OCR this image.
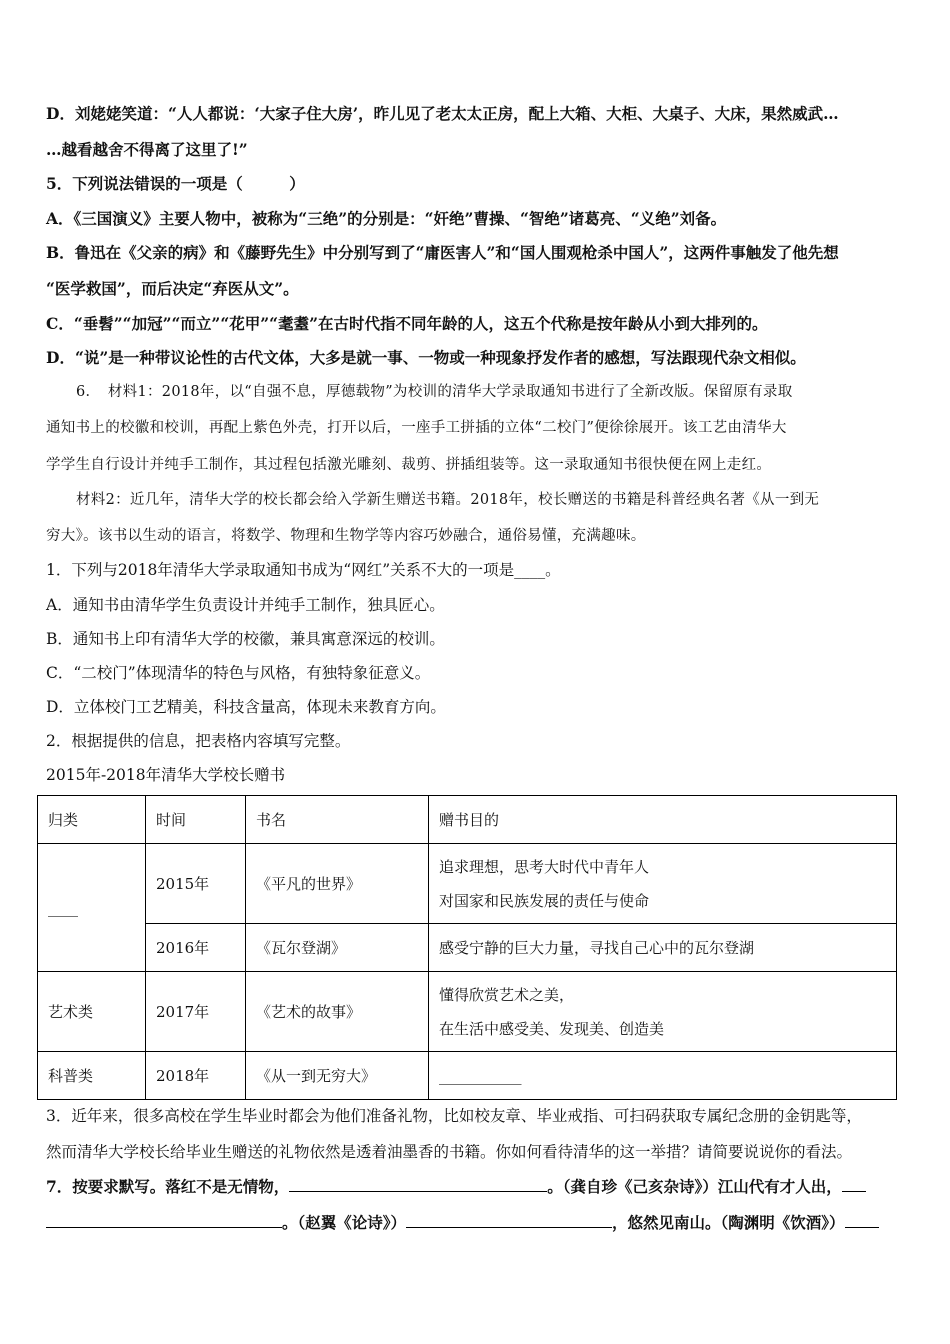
D．刘姥姥笑道：“人人都说：‘大家子住大房’，昨儿见了老太太正房，配上大箱、大柜、大桌子、大床，果然威武…
…越看越舍不得离了这里了!”
5．下列说法错误的一项是（　　　）
A．《三国演义》主要人物中，被称为“三绝”的分别是：“奸绝”曹操、“智绝”诸葛亮、“义绝”刘备。
B．鲁迅在《父亲的病》和《藤野先生》中分别写到了“庸医害人”和“国人围观枪杀中国人”，这两件事触发了他先想
“医学救国”，而后决定“弃医从文”。
C．“垂髫”“加冠”“而立”“花甲”“耄耋”在古时代指不同年龄的人，这五个代称是按年龄从小到大排列的。
D．“说”是一种带议论性的古代文体，大多是就一事、一物或一种现象抒发作者的感想，写法跟现代杂文相似。
6．　材料1：2018年，以“自强不息，厚德载物”为校训的清华大学录取通知书进行了全新改版。保留原有录取
通知书上的校徽和校训，再配上紫色外壳，打开以后，一座手工拼插的立体“二校门”便徐徐展开。该工艺由清华大
学学生自行设计并纯手工制作，其过程包括激光雕刻、裁剪、拼插组装等。这一录取通知书很快便在网上走红。
材料2：近几年，清华大学的校长都会给入学新生赠送书籍。2018年，校长赠送的书籍是科普经典名著《从一到无
穷大》。该书以生动的语言，将数学、物理和生物学等内容巧妙融合，通俗易懂，充满趣味。
1．下列与2018年清华大学录取通知书成为“网红”关系不大的一项是____。
A．通知书由清华学生负责设计并纯手工制作，独具匠心。
B．通知书上印有清华大学的校徽，兼具寓意深远的校训。
C．“二校门”体现清华的特色与风格，有独特象征意义。
D．立体校门工艺精美，科技含量高，体现未来教育方向。
2．根据提供的信息，把表格内容填写完整。
2015年-2018年清华大学校长赠书
归类	时间	书名	赠书目的
____	2015年	《平凡的世界》	追求理想，思考大时代中青年人
对国家和民族发展的责任与使命

	2016年	《瓦尔登湖》	感受宁静的巨大力量，寻找自己心中的瓦尔登湖
艺术类	2017年	《艺术的故事》	懂得欣赏艺术之美，
在生活中感受美、发现美、创造美

科普类	2018年	《从一到无穷大》	___________
3．近年来，很多高校在学生毕业时都会为他们准备礼物，比如校友章、毕业戒指、可扫码获取专属纪念册的金钥匙等，
然而清华大学校长给毕业生赠送的礼物依然是透着油墨香的书籍。你如何看待清华的这一举措？请简要说说你的看法。
7．按要求默写。落红不是无情物，	。（龚自珍《己亥杂诗》）江山代有才人出，
。（赵翼《论诗》）	，悠然见南山。（陶渊明《饮酒》）
